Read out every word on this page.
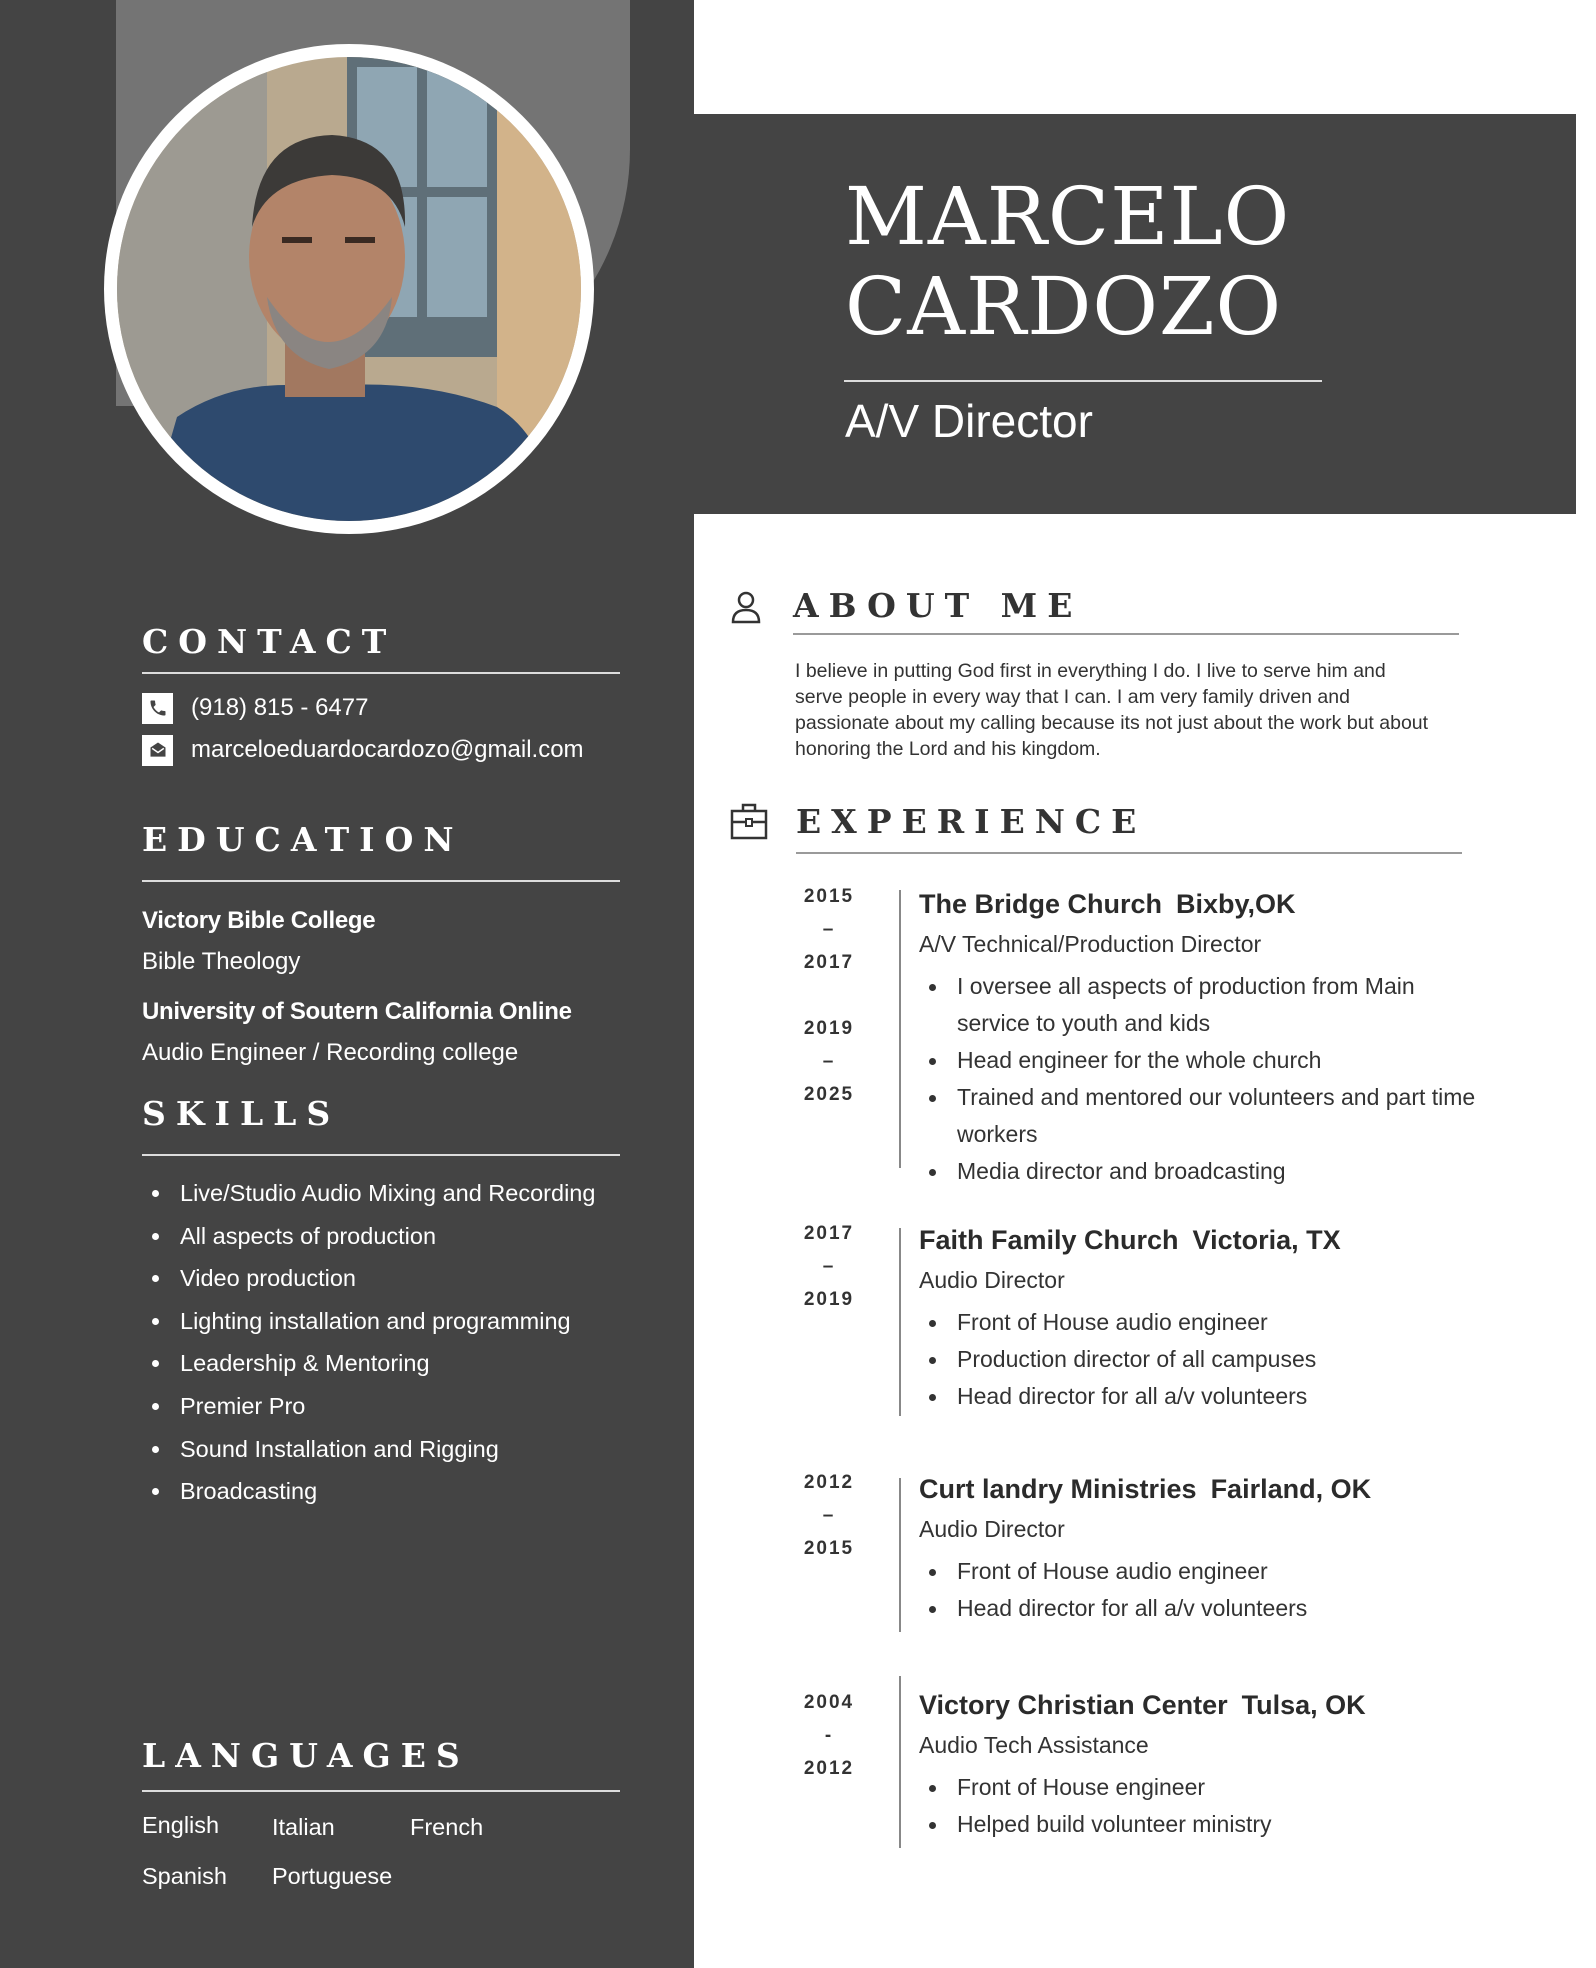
CONTACT
(918) 815 - 6477
marceloeduardocardozo@gmail.com
EDUCATION
Victory Bible College
Bible Theology
University of Soutern California Online
Audio Engineer / Recording college
SKILLS
Live/Studio Audio Mixing and Recording
All aspects of production
Video production
Lighting installation and programming
Leadership & Mentoring
Premier Pro
Sound Installation and Rigging
Broadcasting
LANGUAGES
English Italian	French
Spanish Portuguese
MARCELO
CARDOZO
A/V Director
ABOUT ME

I believe in putting God first in everything I do. I live to serve him and serve people in every way that I can. I am very family driven and passionate about my calling because its not just about the work but about honoring the Lord and his kingdom.

EXPERIENCE
2015
–
2017
2019
–
2025
The Bridge Church Bixby,OK
A/V Technical/Production Director
I oversee all aspects of production from Main service to youth and kids
Head engineer for the whole church
Trained and mentored our volunteers and part time workers
Media director and broadcasting
2017
–
2019
Faith Family Church Victoria, TX
Audio Director
Front of House audio engineer
Production director of all campuses
Head director for all a/v volunteers
2012
–
2015
Curt landry Ministries Fairland, OK
Audio Director
Front of House audio engineer
Head director for all a/v volunteers
2004
-
2012
Victory Christian Center Tulsa, OK
Audio Tech Assistance
Front of House engineer
Helped build volunteer ministry
